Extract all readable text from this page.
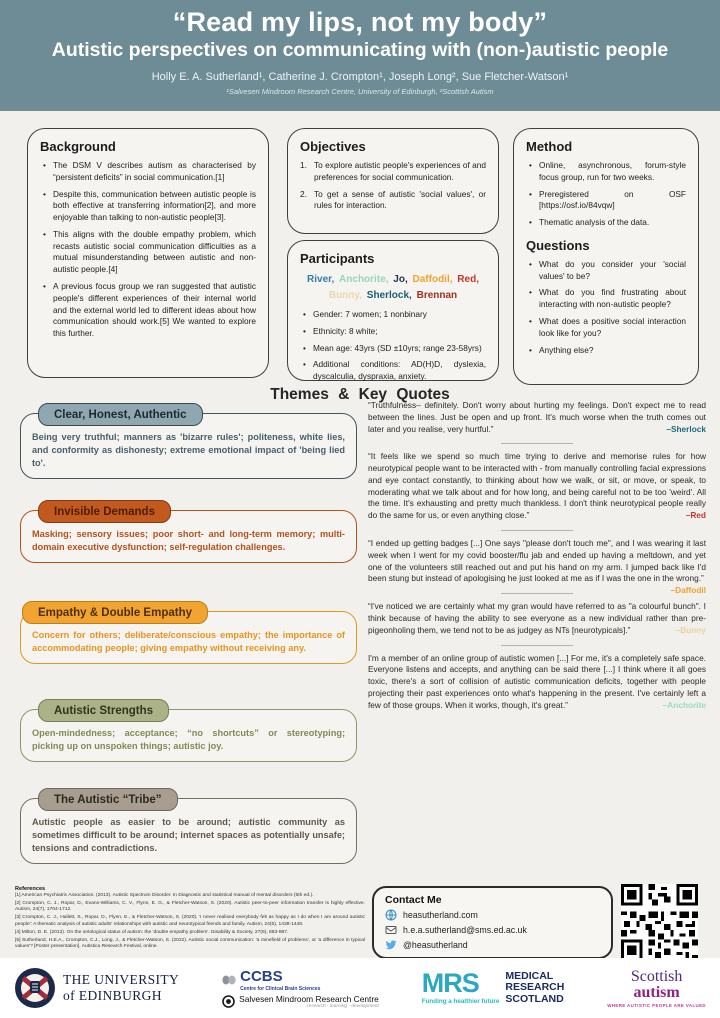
“Read my lips, not my body”
Autistic perspectives on communicating with (non-)autistic people
Holly E. A. Sutherland¹, Catherine J. Crompton¹, Joseph Long², Sue Fletcher-Watson¹
¹Salvesen Mindroom Research Centre, University of Edinburgh, ²Scottish Autism
Background
• The DSM V describes autism as characterised by “persistent deficits” in social communication.[1]
• Despite this, communication between autistic people is both effective at transferring information[2], and more enjoyable than talking to non-autistic people[3].
• This aligns with the double empathy problem, which recasts autistic social communication difficulties as a mutual misunderstanding between autistic and non-autistic people.[4]
• A previous focus group we ran suggested that autistic people's different experiences of their internal world and the external world led to different ideas about how communication should work.[5] We wanted to explore this further.
Objectives
To explore autistic people's experiences of and preferences for social communication.
To get a sense of autistic 'social values', or rules for interaction.
Participants
River, Anchorite, Jo, Daffodil, Red, Bunny, Sherlock, Brennan
• Gender: 7 women; 1 nonbinary
• Ethnicity: 8 white;
• Mean age: 43yrs (SD ±10yrs; range 23-58yrs)
• Additional conditions: AD(H)D, dyslexia, dyscalculia, dyspraxia, anxiety.
Method
• Online, asynchronous, forum-style focus group, run for two weeks.
• Preregistered on OSF [https://osf.io/84vqw]
• Thematic analysis of the data.
Questions
• What do you consider your 'social values' to be?
• What do you find frustrating about interacting with non-autistic people?
• What does a positive social interaction look like for you?
• Anything else?
Themes & Key Quotes
Clear, Honest, Authentic
Being very truthful; manners as 'bizarre rules'; politeness, white lies, and conformity as dishonesty; extreme emotional impact of 'being lied to'.
Invisible Demands
Masking; sensory issues; poor short- and long-term memory; multi-domain executive dysfunction; self-regulation challenges.
Empathy & Double Empathy
Concern for others; deliberate/conscious empathy; the importance of accommodating people; giving empathy without receiving any.
Autistic Strengths
Open-mindedness; acceptance; “no shortcuts” or stereotyping; picking up on unspoken things; autistic joy.
The Autistic “Tribe”
Autistic people as easier to be around; autistic community as sometimes difficult to be around; internet spaces as potentially unsafe; tensions and contradictions.
“Truthfulness– definitely. Don't worry about hurting my feelings. Don't expect me to read between the lines. Just be open and up front. It's much worse when the truth comes out later and you realise, very hurtful.”	–Sherlock
“It feels like we spend so much time trying to derive and memorise rules for how neurotypical people want to be interacted with - from manually controlling facial expressions and eye contact constantly, to thinking about how we walk, or sit, or move, or speak, to moderating what we talk about and for how long, and being careful not to be too 'weird'. All the time. It's exhausting and pretty much thankless. I don't think neurotypical people really do the same for us, or even anything close.”	–Red
“I ended up getting badges [...] One says "please don't touch me", and I was wearing it last week when I went for my covid booster/flu jab and ended up having a meltdown, and yet one of the volunteers still reached out and put his hand on my arm. I jumped back like I'd been stung but instead of apologising he just looked at me as if I was the one in the wrong.”
–Daffodil
“I've noticed we are certainly what my gran would have referred to as "a colourful bunch". I think because of having the ability to see everyone as a new individual rather than pre-pigeonholing them, we tend not to be as judgey as NTs [neurotypicals].”	–Bunny
I'm a member of an online group of autistic women [...] For me, it's a completely safe space. Everyone listens and accepts, and anything can be said there [...] I think where it all goes toxic, there's a sort of collision of autistic communication deficits, together with people projecting their past experiences onto what's happening in the present. I've certainly left a few of those groups. When it works, though, it's great.”	–Anchorite
References
[1] American Psychiatric Association. (2013). Autistic Spectrum Disorder. In Diagnostic and statistical manual of mental disorders (5th ed.).
[2] Crompton, C. J., Ropar, D., Evans-Williams, C. V., Flynn, E. G., & Fletcher-Watson, S. (2020). Autistic peer-to-peer information transfer is highly effective. Autism, 24(7), 1704-1712.
[3] Crompton, C. J., Hallett, S., Ropar, D., Flynn, E., & Fletcher-Watson, S. (2020). 'I never realised everybody felt as happy as I do when I am around autistic people': A thematic analysis of autistic adults' relationships with autistic and neurotypical friends and family. Autism, 24(6), 1438-1448.
[4] Milton, D. E. (2012). On the ontological status of autism: the 'double empathy problem'. Disability & Society, 27(6), 883-887.
[5] Sutherland, H.E.A., Crompton, C.J., Long, J., & Fletcher-Watson, S. (2022). Autistic social communication: 'a minefield of problems', or 'a difference in typical values'? [Poster presentation]. Autistica Research Festival, online.
Contact Me
heasutherland.com
h.e.a.sutherland@sms.ed.ac.uk
@heasutherland
THE UNIVERSITY
of EDINBURGH
CCBS
Centre for Clinical Brain Sciences
Salvesen Mindroom Research Centre
research · learning · development
MRS
Funding a healthier future
MEDICAL
RESEARCH
SCOTLAND
Scottish
autism
WHERE AUTISTIC PEOPLE ARE VALUED
